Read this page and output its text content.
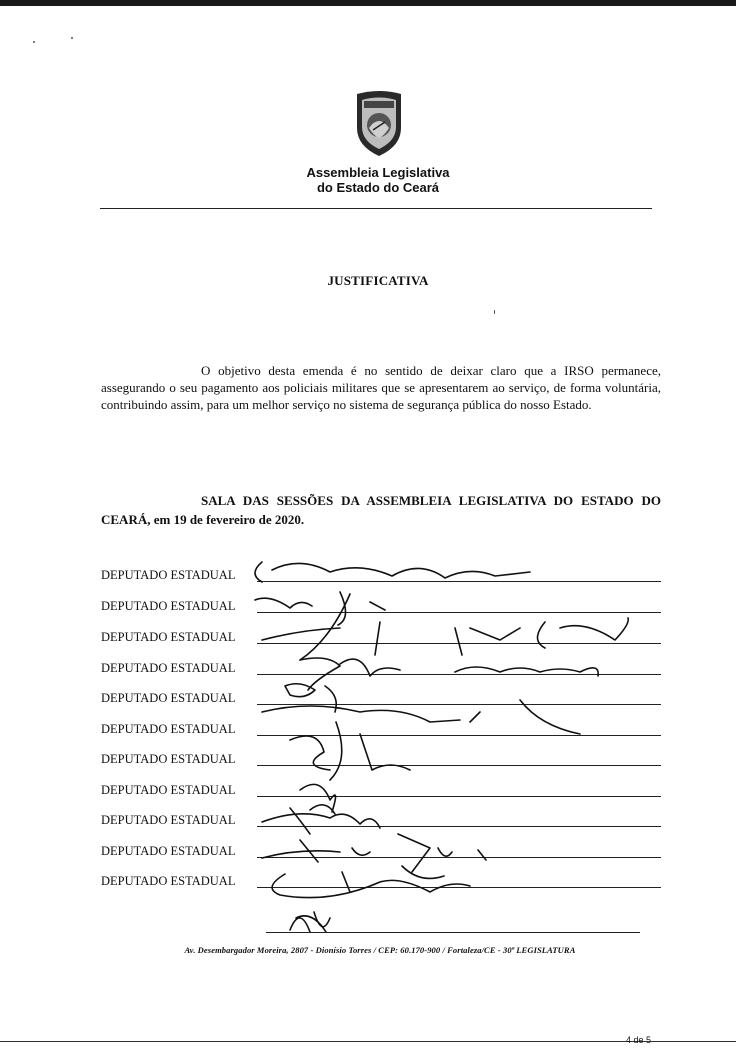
Assembleia Legislativa
do Estado do Ceará
JUSTIFICATIVA
O objetivo desta emenda é no sentido de deixar claro que a IRSO permanece, assegurando o seu pagamento aos policiais militares que se apresentarem ao serviço, de forma voluntária, contribuindo assim, para um melhor serviço no sistema de segurança pública do nosso Estado.
SALA DAS SESSÕES DA ASSEMBLEIA LEGISLATIVA DO ESTADO DO CEARÁ, em 19 de fevereiro de 2020.
DEPUTADO ESTADUAL
DEPUTADO ESTADUAL
DEPUTADO ESTADUAL
DEPUTADO ESTADUAL
DEPUTADO ESTADUAL
DEPUTADO ESTADUAL
DEPUTADO ESTADUAL
DEPUTADO ESTADUAL
DEPUTADO ESTADUAL
DEPUTADO ESTADUAL
DEPUTADO ESTADUAL
Av. Desembargador Moreira, 2807 - Dionísio Torres / CEP: 60.170-900 / Fortaleza/CE - 30ª LEGISLATURA
4 de 5
